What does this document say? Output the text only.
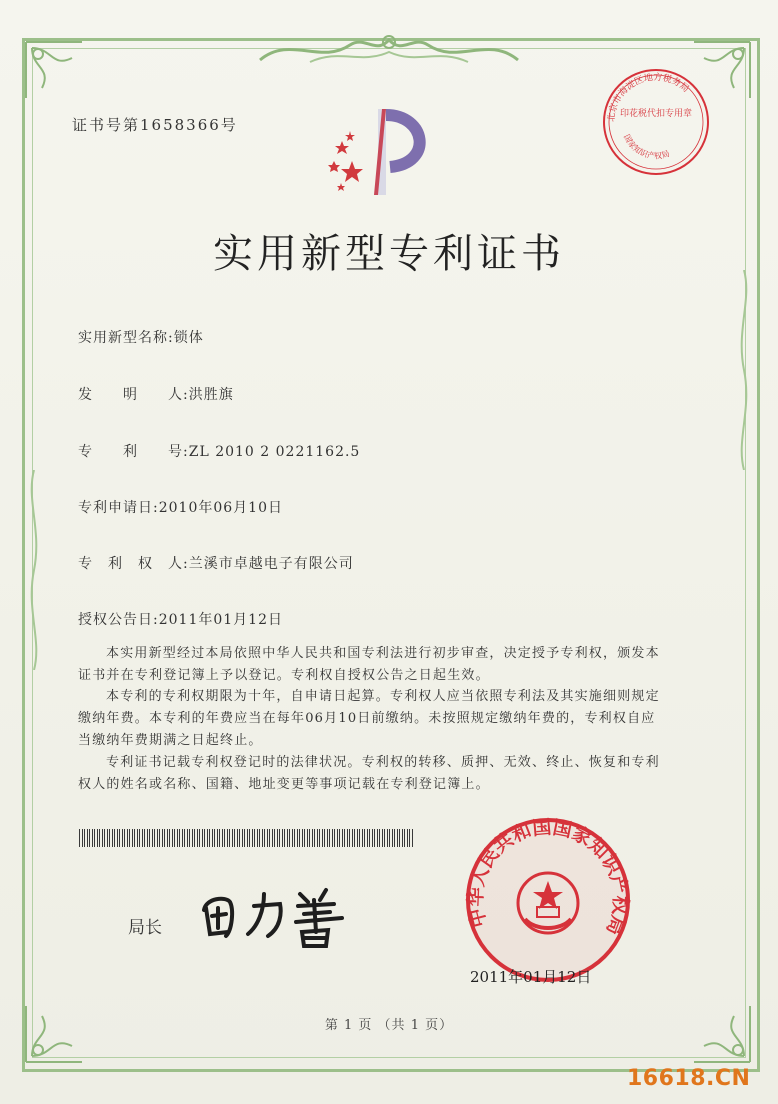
证书号第1658366号
实用新型专利证书
北京市海淀区地方税务局
印花税代扣专用章
国家知识产权局
实用新型名称:锁体
发　　明　　人:洪胜旗
专　　利　　号:ZL 2010 2 0221162.5
专利申请日:2010年06月10日
专　利　权　人:兰溪市卓越电子有限公司
授权公告日:2011年01月12日
本实用新型经过本局依照中华人民共和国专利法进行初步审查，决定授予专利权，颁发本证书并在专利登记簿上予以登记。专利权自授权公告之日起生效。
本专利的专利权期限为十年，自申请日起算。专利权人应当依照专利法及其实施细则规定缴纳年费。本专利的年费应当在每年06月10日前缴纳。未按照规定缴纳年费的，专利权自应当缴纳年费期满之日起终止。
专利证书记载专利权登记时的法律状况。专利权的转移、质押、无效、终止、恢复和专利权人的姓名或名称、国籍、地址变更等事项记载在专利登记簿上。
局长	中华人民共和国国家知识产权局
2011年01月12日
第 1 页 （共 1 页）
16618.CN
